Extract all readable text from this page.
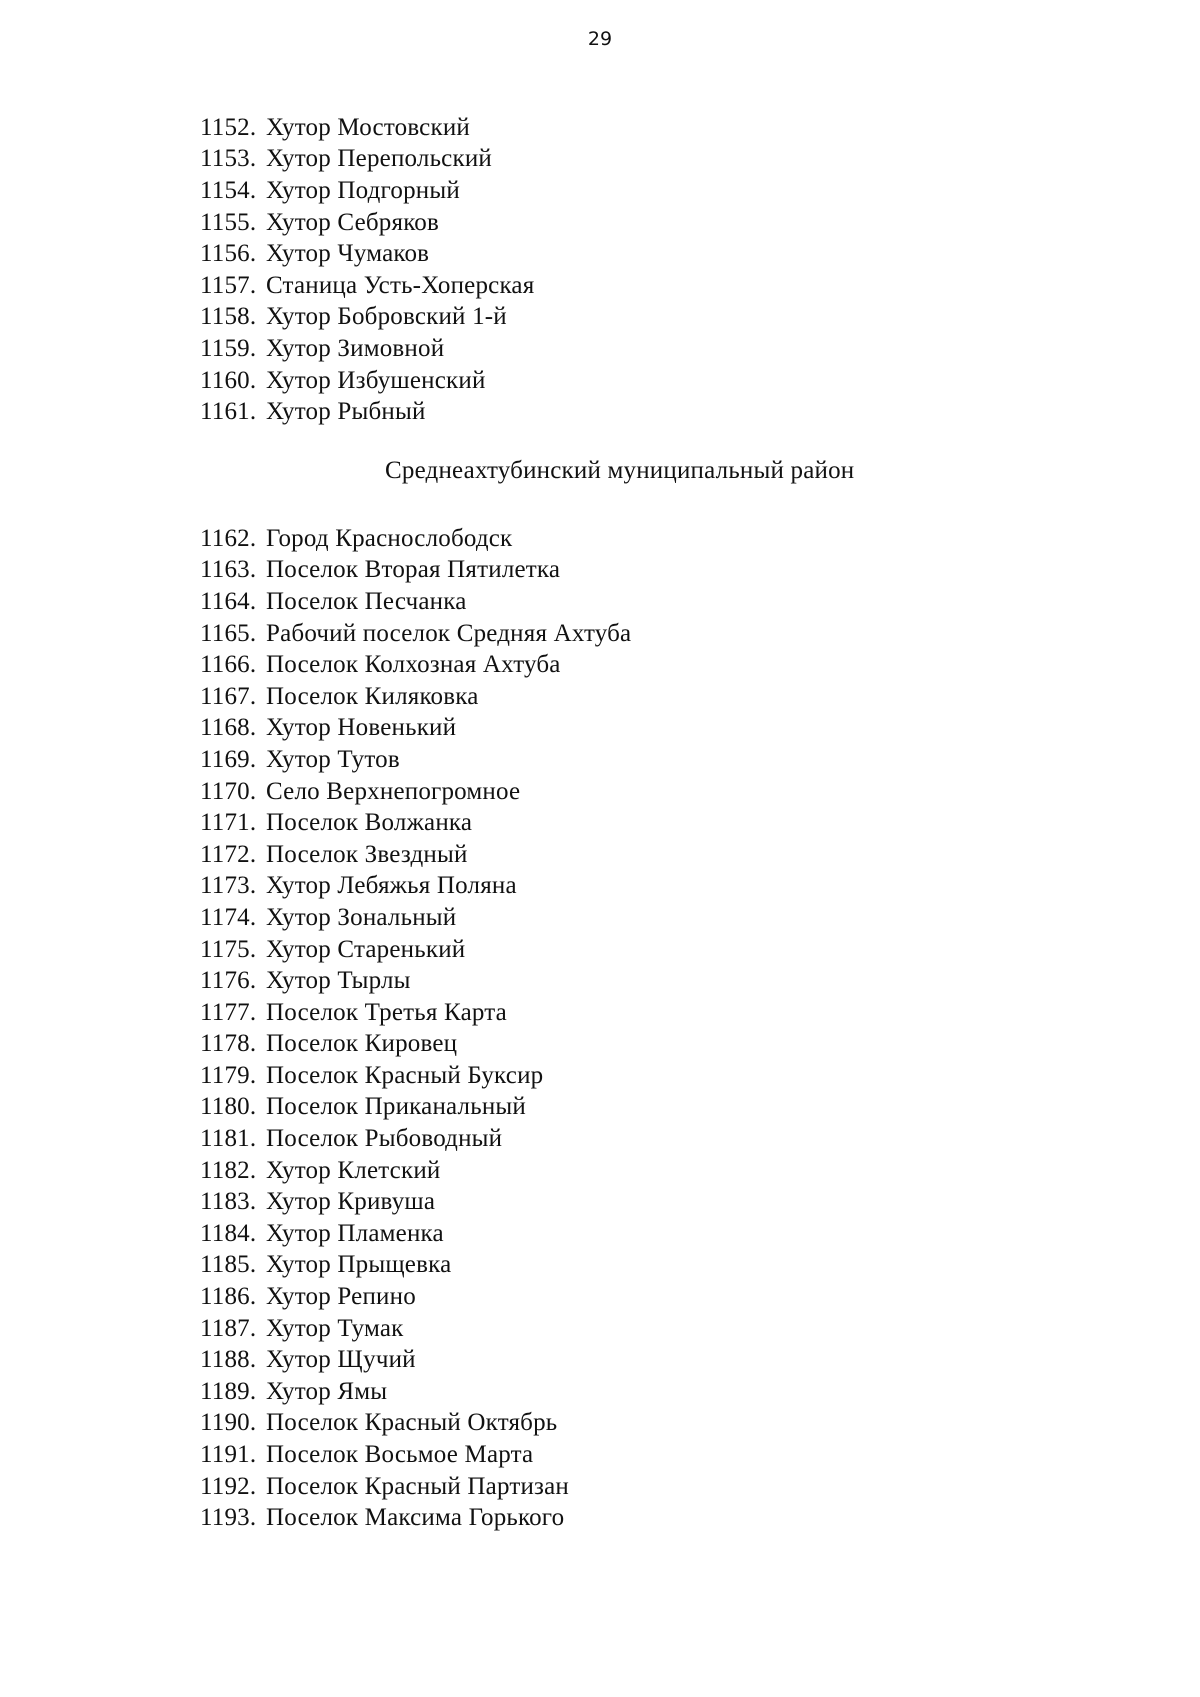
29
1152. Хутор Мостовский
1153. Хутор Перепольский
1154. Хутор Подгорный
1155. Хутор Себряков
1156. Хутор Чумаков
1157. Станица Усть-Хоперская
1158. Хутор Бобровский 1-й
1159. Хутор Зимовной
1160. Хутор Избушенский
1161. Хутор Рыбный
Среднеахтубинский муниципальный район
1162. Город Краснослободск
1163. Поселок Вторая Пятилетка
1164. Поселок Песчанка
1165. Рабочий поселок Средняя Ахтуба
1166. Поселок Колхозная Ахтуба
1167. Поселок Киляковка
1168. Хутор Новенький
1169. Хутор Тутов
1170. Село Верхнепогромное
1171. Поселок Волжанка
1172. Поселок Звездный
1173. Хутор Лебяжья Поляна
1174. Хутор Зональный
1175. Хутор Старенький
1176. Хутор Тырлы
1177. Поселок Третья Карта
1178. Поселок Кировец
1179. Поселок Красный Буксир
1180. Поселок Приканальный
1181. Поселок Рыбоводный
1182. Хутор Клетский
1183. Хутор Кривуша
1184. Хутор Пламенка
1185. Хутор Прыщевка
1186. Хутор Репино
1187. Хутор Тумак
1188. Хутор Щучий
1189. Хутор Ямы
1190. Поселок Красный Октябрь
1191. Поселок Восьмое Марта
1192. Поселок Красный Партизан
1193. Поселок Максима Горького
